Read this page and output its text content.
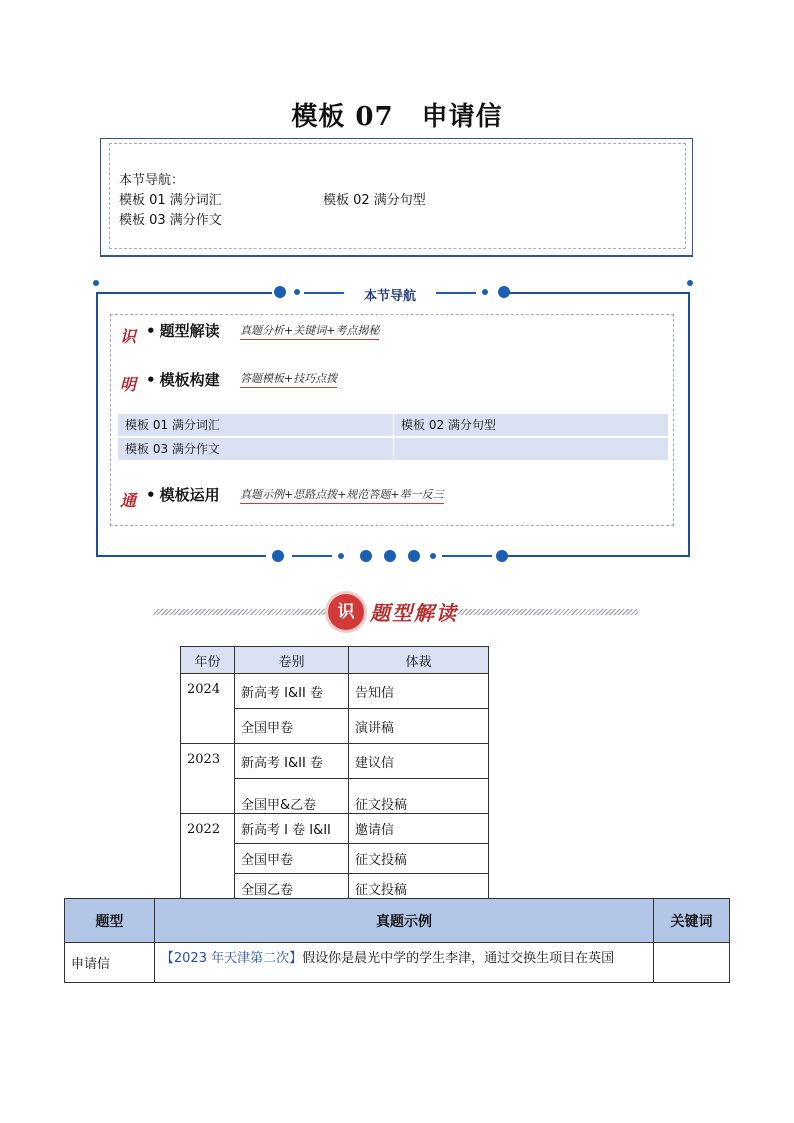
模板 07 申请信
本节导航：
模板 01 满分词汇	模板 02 满分句型
模板 03 满分作文
本节导航
识 • 题型解读 真题分析+关键词+考点揭秘
明 • 模板构建 答题模板+技巧点拨
模板 01 满分词汇	模板 02 满分句型
模板 03 满分作文
通 • 模板运用 真题示例+思路点拨+规范答题+举一反三
识 题型解读
年份	卷别	体裁
2024	新高考 I&II 卷	告知信
	全国甲卷	演讲稿
2023	新高考 I&II 卷	建议信
	全国甲&乙卷	征文投稿
2022	新高考 I 卷 I&II	邀请信
	全国甲卷	征文投稿
	全国乙卷	征文投稿
题型	真题示例	关键词
申请信	【2023 年天津第二次】假设你是晨光中学的学生李津，通过交换生项目在英国	
